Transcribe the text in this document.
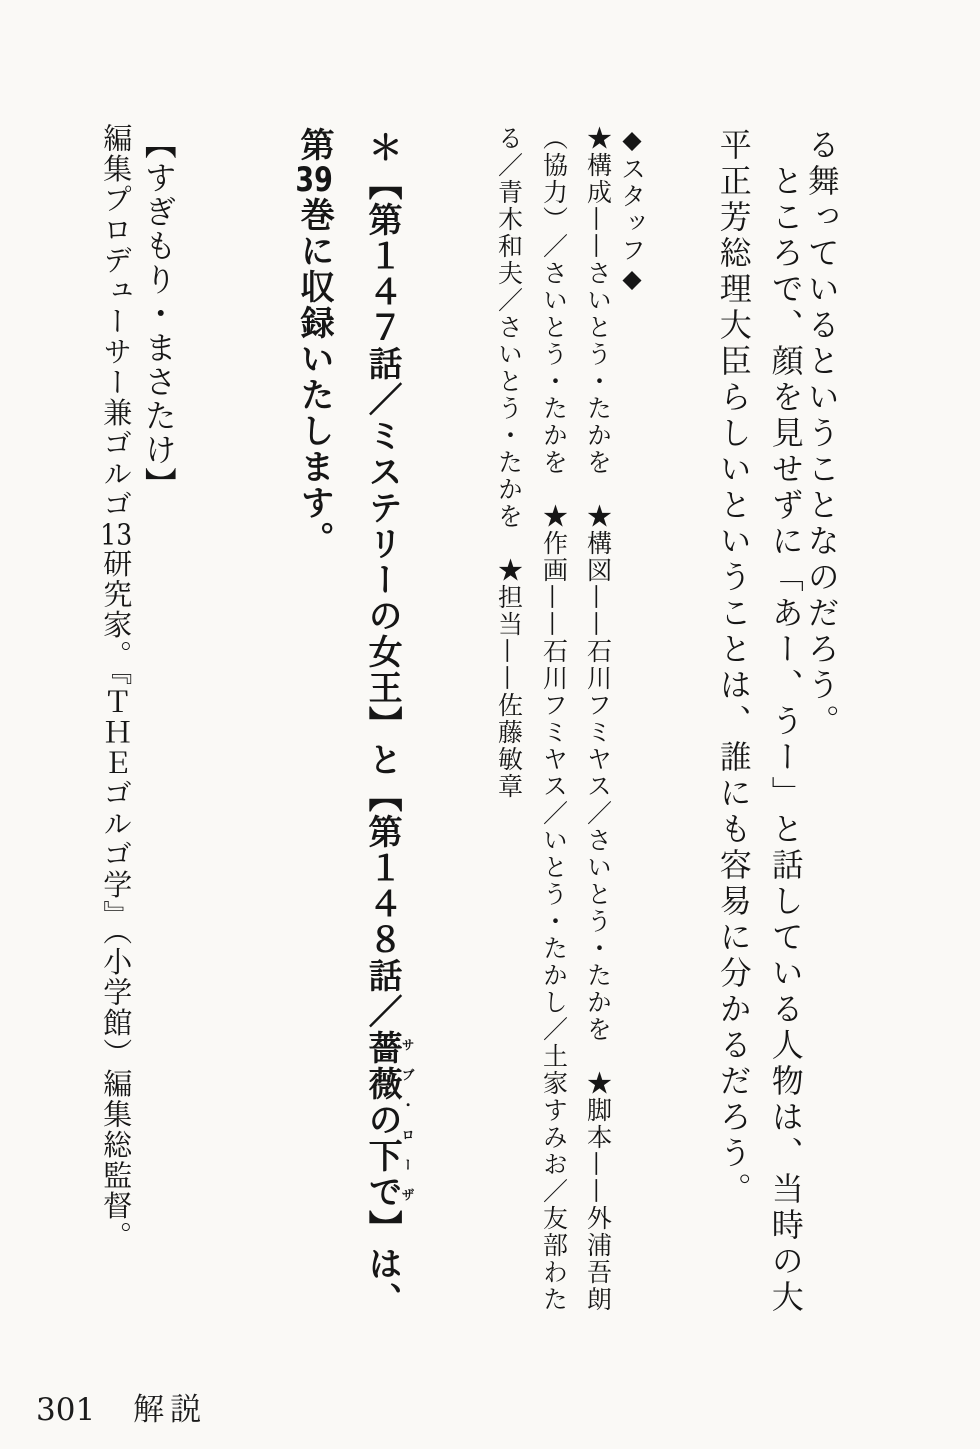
る舞っているということなのだろう。

ところで、顔を見せずに「あー、うー」と話している人物は、当時の大

平正芳総理大臣らしいということは、誰にも容易に分かるだろう。

◆スタッフ◆

★構成——さいとう・たかを　★構図——石川フミヤス／さいとう・たかを　★脚本——外浦吾朗

（協力）／さいとう・たかを　★作画——石川フミヤス／いとう・たかし／土家すみお／友部わた

る／青木和夫／さいとう・たかを　★担当——佐藤敏章

＊【第１４７話／ミステリーの女王】と【第１４８話／薔薇の下でサブ・ローザ】は、

第39巻に収録いたします。

【すぎもり・まさたけ】

編集プロデューサー兼ゴルゴ13研究家。『ＴＨＥゴルゴ学』（小学館）編集総監督。

301 解説
